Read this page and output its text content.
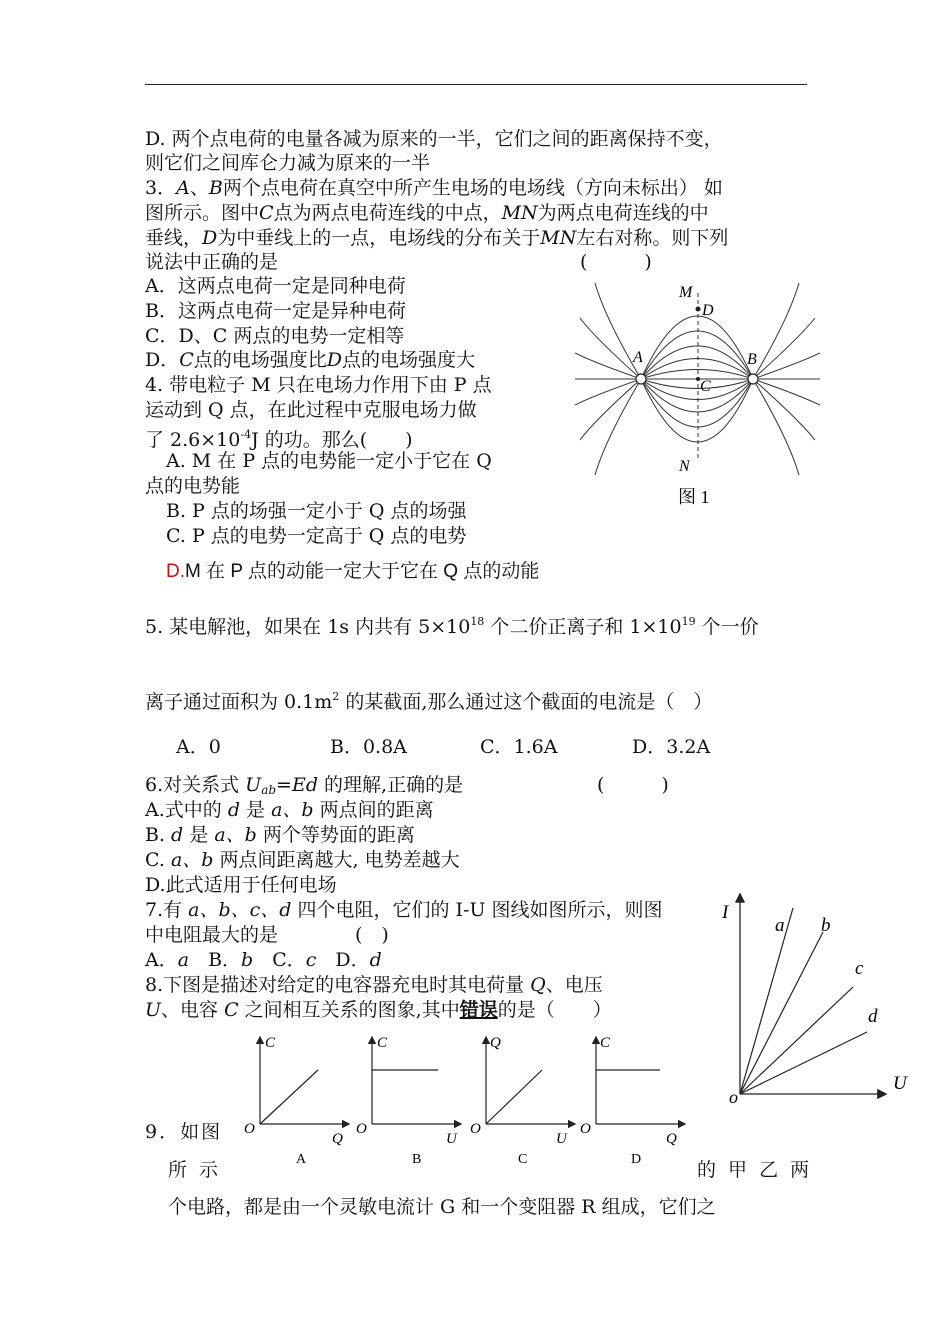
D. 两个点电荷的电量各减为原来的一半，它们之间的距离保持不变，
则它们之间库仑力减为原来的一半
3．A、B两个点电荷在真空中所产生电场的电场线（方向未标出） 如
图所示。图中C点为两点电荷连线的中点，MN为两点电荷连线的中
垂线，D为中垂线上的一点，电场线的分布关于MN左右对称。则下列
说法中正确的是	(　　　)
A．这两点电荷一定是同种电荷
B．这两点电荷一定是异种电荷
C．D、C 两点的电势一定相等
D．C点的电场强度比D点的电场强度大
M
D
A	B
C
N
图 1
4. 带电粒子 M 只在电场力作用下由 P 点
运动到 Q 点，在此过程中克服电场力做
了 $2.6\times 10^{-4}J$ 的功。那么(　　)
A. M 在 P 点的电势能一定小于它在 Q
点的电势能
B. P 点的场强一定小于 Q 点的场强
C. P 点的电势一定高于 Q 点的电势
D.M 在 P 点的动能一定大于它在 Q 点的动能
5. 某电解池，如果在 1s 内共有 $5\times 10^{18}$ 个二价正离子和 $1\times 10^{19}$ 个一价
离子通过面积为 $0.1m^2$ 的某截面,那么通过这个截面的电流是（　）
A．0	B．0.8A	C．1.6A	D．3.2A
6.对关系式 $U_{ab}=Ed$ 的理解,正确的是	(　　　)
A.式中的 d 是 a、b 两点间的距离
B. d 是 a、b 两个等势面的距离
C. a、b 两点间距离越大, 电势差越大
D.此式适用于任何电场
7.有 a、b、c、d 四个电阻，它们的 I-U 图线如图所示，则图
中电阻最大的是	(　)
A．a　B．b　C．c　D．d
I
U
o
a b
c
d
8.下图是描述对给定的电容器充电时其电荷量 Q、电压
U、电容 C 之间相互关系的图象,其中错误的是（　　）
C
O
Q
A
C
O
U
B
Q
O
U
C
C
O
Q
D
9．如图
所 示	的 甲 乙 两
个电路，都是由一个灵敏电流计 G 和一个变阻器 R 组成，它们之
